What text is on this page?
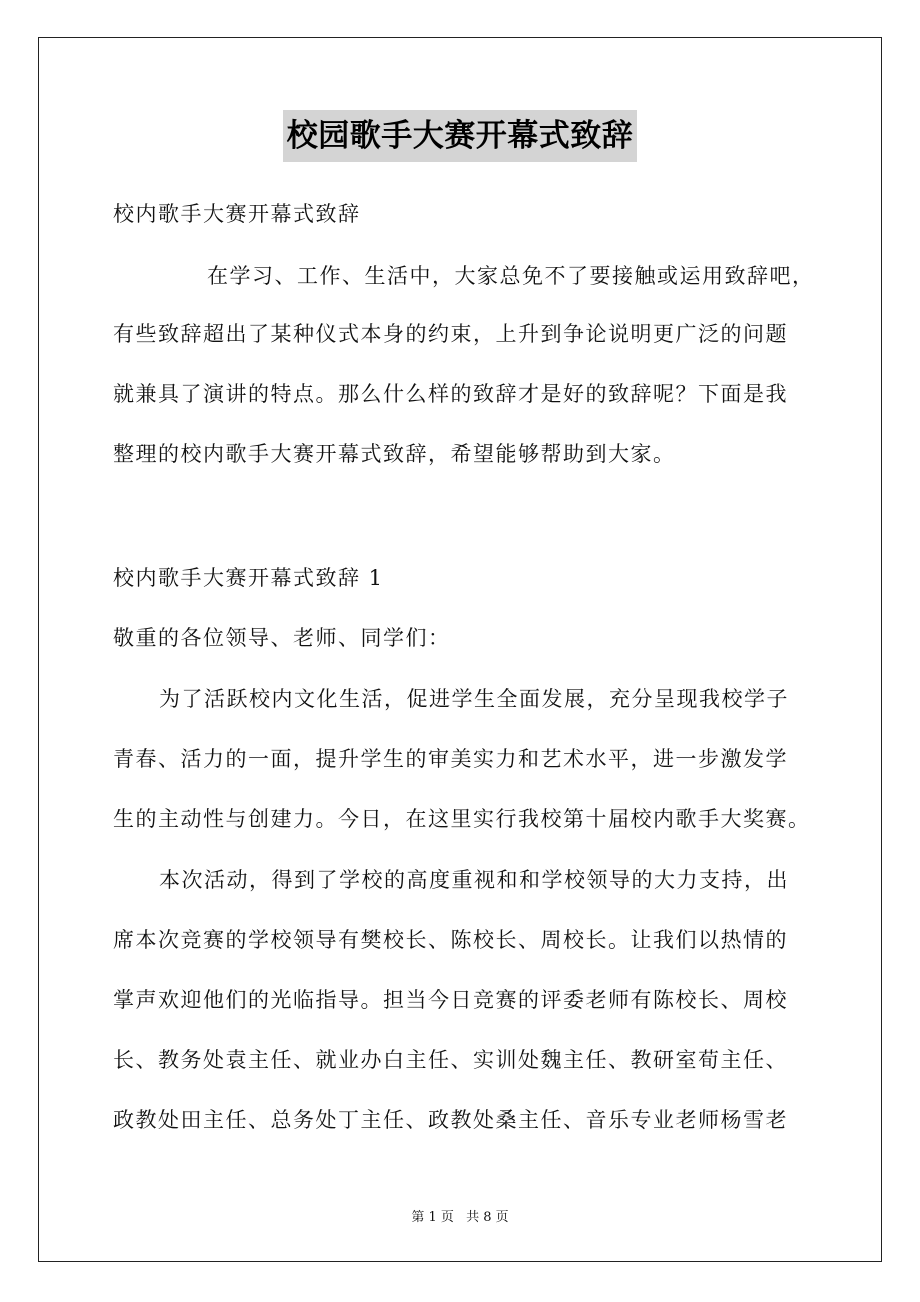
校园歌手大赛开幕式致辞
校内歌手大赛开幕式致辞
在学习、工作、生活中，大家总免不了要接触或运用致辞吧，
有些致辞超出了某种仪式本身的约束，上升到争论说明更广泛的问题
就兼具了演讲的特点。那么什么样的致辞才是好的致辞呢？下面是我
整理的校内歌手大赛开幕式致辞，希望能够帮助到大家。
校内歌手大赛开幕式致辞 1
敬重的各位领导、老师、同学们：
为了活跃校内文化生活，促进学生全面发展，充分呈现我校学子
青春、活力的一面，提升学生的审美实力和艺术水平，进一步激发学
生的主动性与创建力。今日，在这里实行我校第十届校内歌手大奖赛。
本次活动，得到了学校的高度重视和和学校领导的大力支持，出
席本次竞赛的学校领导有樊校长、陈校长、周校长。让我们以热情的
掌声欢迎他们的光临指导。担当今日竞赛的评委老师有陈校长、周校
长、教务处袁主任、就业办白主任、实训处魏主任、教研室荀主任、
政教处田主任、总务处丁主任、政教处桑主任、音乐专业老师杨雪老
第 1 页 共 8 页
